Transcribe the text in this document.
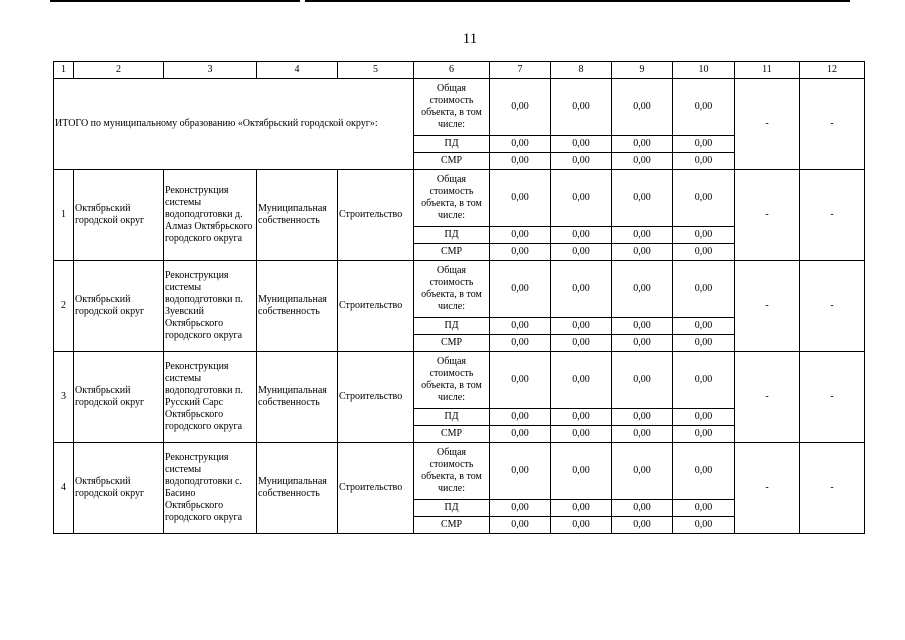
11
1	2	3	4	5	6	7	8	9	10	11	12
ИТОГО по муниципальному образованию «Октябрьский городской округ»:					Общая стоимость объекта, в том числе:	0,00	0,00	0,00	0,00	-	-
					ПД	0,00	0,00	0,00	0,00		
					СМР	0,00	0,00	0,00	0,00		
1	Октябрьский городской округ	Реконструкция системы водоподготовки д. Алмаз Октябрьского городского округа	Муниципальная собственность	Строительство	Общая стоимость объекта, в том числе:	0,00	0,00	0,00	0,00	-	-
					ПД	0,00	0,00	0,00	0,00		
					СМР	0,00	0,00	0,00	0,00		
2	Октябрьский городской округ	Реконструкция системы водоподготовки п. Зуевский Октябрьского городского округа	Муниципальная собственность	Строительство	Общая стоимость объекта, в том числе:	0,00	0,00	0,00	0,00	-	-
					ПД	0,00	0,00	0,00	0,00		
					СМР	0,00	0,00	0,00	0,00		
3	Октябрьский городской округ	Реконструкция системы водоподготовки п. Русский Сарс Октябрьского городского округа	Муниципальная собственность	Строительство	Общая стоимость объекта, в том числе:	0,00	0,00	0,00	0,00	-	-
					ПД	0,00	0,00	0,00	0,00		
					СМР	0,00	0,00	0,00	0,00		
4	Октябрьский городской округ	Реконструкция системы водоподготовки с. Басино Октябрьского городского округа	Муниципальная собственность	Строительство	Общая стоимость объекта, в том числе:	0,00	0,00	0,00	0,00	-	-
					ПД	0,00	0,00	0,00	0,00		
					СМР	0,00	0,00	0,00	0,00		
